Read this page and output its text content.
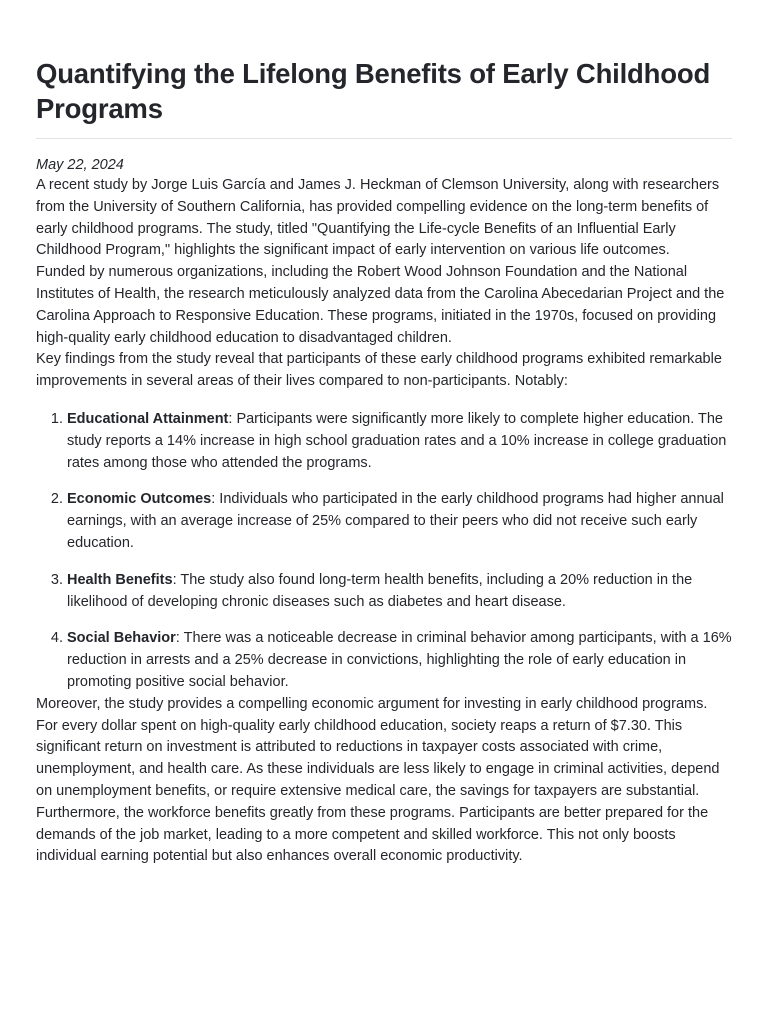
Quantifying the Lifelong Benefits of Early Childhood Programs
May 22, 2024

A recent study by Jorge Luis García and James J. Heckman of Clemson University, along with researchers from the University of Southern California, has provided compelling evidence on the long-term benefits of early childhood programs. The study, titled "Quantifying the Life-cycle Benefits of an Influential Early Childhood Program," highlights the significant impact of early intervention on various life outcomes.

Funded by numerous organizations, including the Robert Wood Johnson Foundation and the National Institutes of Health, the research meticulously analyzed data from the Carolina Abecedarian Project and the Carolina Approach to Responsive Education. These programs, initiated in the 1970s, focused on providing high-quality early childhood education to disadvantaged children.

Key findings from the study reveal that participants of these early childhood programs exhibited remarkable improvements in several areas of their lives compared to non-participants. Notably:

1. Educational Attainment: Participants were significantly more likely to complete higher education. The study reports a 14% increase in high school graduation rates and a 10% increase in college graduation rates among those who attended the programs.
2. Economic Outcomes: Individuals who participated in the early childhood programs had higher annual earnings, with an average increase of 25% compared to their peers who did not receive such early education.
3. Health Benefits: The study also found long-term health benefits, including a 20% reduction in the likelihood of developing chronic diseases such as diabetes and heart disease.
4. Social Behavior: There was a noticeable decrease in criminal behavior among participants, with a 16% reduction in arrests and a 25% decrease in convictions, highlighting the role of early education in promoting positive social behavior.

Moreover, the study provides a compelling economic argument for investing in early childhood programs. For every dollar spent on high-quality early childhood education, society reaps a return of $7.30. This significant return on investment is attributed to reductions in taxpayer costs associated with crime, unemployment, and health care. As these individuals are less likely to engage in criminal activities, depend on unemployment benefits, or require extensive medical care, the savings for taxpayers are substantial.

Furthermore, the workforce benefits greatly from these programs. Participants are better prepared for the demands of the job market, leading to a more competent and skilled workforce. This not only boosts individual earning potential but also enhances overall economic productivity.
